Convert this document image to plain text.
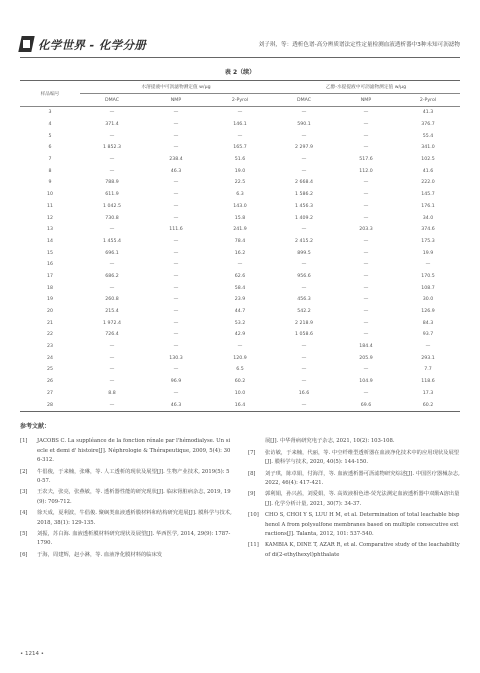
化学世界 - 化学分册	刘子琪，等：透析色谱-高分辨质谱法定性定量检测血液透析器中3种未知可沥滤物
表 2（续）
样品编号	水溶提液中可沥滤物测定值 w/μg			乙醇-水提提液中可沥滤物测定值 w/μg		
	DMAC	NMP	2-Pyrol	DMAC	NMP	2-Pyrol
3	—	—	—	—	—	41.3
4	371.4	—	146.1	590.1	—	376.7
5	—	—	—	—	—	55.4
6	1 852.3	—	165.7	2 297.9	—	341.0
7	—	238.4	51.6	—	517.6	102.5
8	—	46.3	19.0	—	112.0	41.6
9	788.9	—	22.5	2 668.4	—	222.0
10	611.9	—	6.3	1 586.2	—	145.7
11	1 042.5	—	143.0	1 456.3	—	176.1
12	730.8	—	15.8	1 409.2	—	34.0
13	—	111.6	241.9	—	203.3	374.6
14	1 455.4	—	78.4	2 415.2	—	175.3
15	696.1	—	16.2	899.5	—	19.9
16	—	—	—	—	—	—
17	686.2	—	62.6	956.6	—	170.5
18	—	—	58.4	—	—	108.7
19	260.8	—	23.9	456.3	—	30.0
20	215.4	—	44.7	542.2	—	126.9
21	1 972.4	—	53.2	2 218.9	—	84.3
22	726.4	—	42.9	1 058.6	—	93.7
23	—	—	—	—	184.4	—
24	—	130.3	120.9	—	205.9	293.1
25	—	—	6.5	—	—	7.7
26	—	96.9	60.2	—	104.9	118.6
27	8.8	—	10.0	16.6	—	17.3
28	—	46.3	16.4	—	69.6	60.2
参考文献：
[1]	JACOBS C. La suppléance de la fonction rénale par l'hémodialyse. Un siecle et demi d' histoire[J]. Néphrologie & Thérapeutique, 2009, 5(4): 306-312.
[2]	牛倡俊，于来楠，张琳，等. 人工透析的现状及展望[J]. 生物产业技术, 2019(5): 50-57.
[3]	王农夫，张亮，张燕敏，等. 透析器性能的研究现状[J]. 临床肾脏病杂志, 2019, 19(9): 709-712.
[4]	徐天成，夏利波，牛倡俊. 聚砜类血液透析膜材料和结构研究进展[J]. 膜科学与技术, 2018, 38(1): 129-135.
[5]	刘振，苏白海. 血液透析膜材料研究现状及展望[J]. 华西医学, 2014, 29(9): 1787-1790.
[6]	于海，周建辉，赵小淋，等. 血液净化膜材料的临床发
展[J]. 中华肾病研究电子杂志, 2021, 10(2): 103-108.
[7]	张访敏，于来楠，代丽，等. 中空纤维型透析器在血液净化技术中的应用现状及展望[J]. 膜科学与技术, 2020, 40(5): 144-150.
[8]	刘子琪，陈卓娟，付海洋，等. 血液透析器可沥滤物研究综述[J]. 中国医疗器械杂志, 2022, 46(4): 417-421.
[9]	郭利娟，孙兴茜，刘爱娟，等. 高效液相色谱-荧光法测定血液透析器中双酚A溶出量[J]. 化学分析计量, 2021, 30(7): 34-37.
[10]	CHO S, CHOI Y S, LUU H M, et al. Determination of total leachable bisphenol A from polysulfone membranes based on multiple consecutive extractions[J]. Talanta, 2012, 101: 537-540.
[11]	KAMBIA K, DINE T, AZAR R, et al. Comparative study of the leachability of di(2-ethylhexyl)phthalate
• 1214 •
